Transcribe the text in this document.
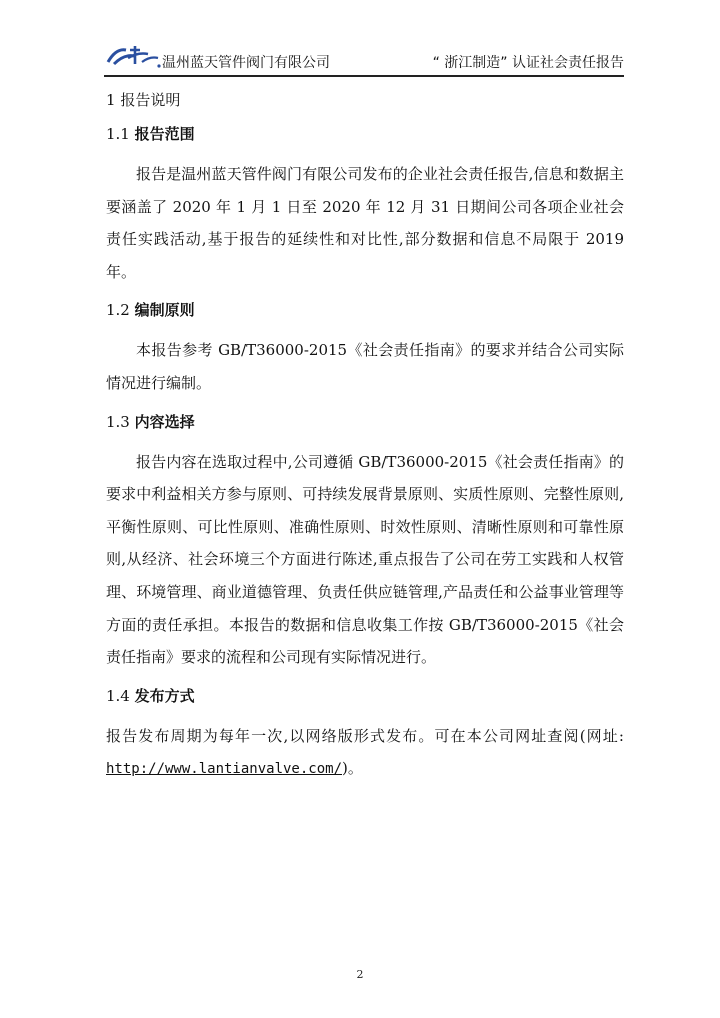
温州蓝天管件阀门有限公司	“ 浙江制造” 认证社会责任报告
1 报告说明
1.1 报告范围

报告是温州蓝天管件阀门有限公司发布的企业社会责任报告,信息和数据主要涵盖了 2020 年 1 月 1 日至 2020 年 12 月 31 日期间公司各项企业社会责任实践活动,基于报告的延续性和对比性,部分数据和信息不局限于 2019 年。

1.2 编制原则

本报告参考 GB/T36000-2015《社会责任指南》的要求并结合公司实际情况进行编制。

1.3 内容选择

报告内容在选取过程中,公司遵循 GB/T36000-2015《社会责任指南》的要求中利益相关方参与原则、可持续发展背景原则、实质性原则、完整性原则,平衡性原则、可比性原则、准确性原则、时效性原则、清晰性原则和可靠性原则,从经济、社会环境三个方面进行陈述,重点报告了公司在劳工实践和人权管理、环境管理、商业道德管理、负责任供应链管理,产品责任和公益事业管理等方面的责任承担。本报告的数据和信息收集工作按 GB/T36000-2015《社会责任指南》要求的流程和公司现有实际情况进行。

1.4 发布方式

报告发布周期为每年一次,以网络版形式发布。可在本公司网址查阅(网址: http://www.lantianvalve.com/)。

2
